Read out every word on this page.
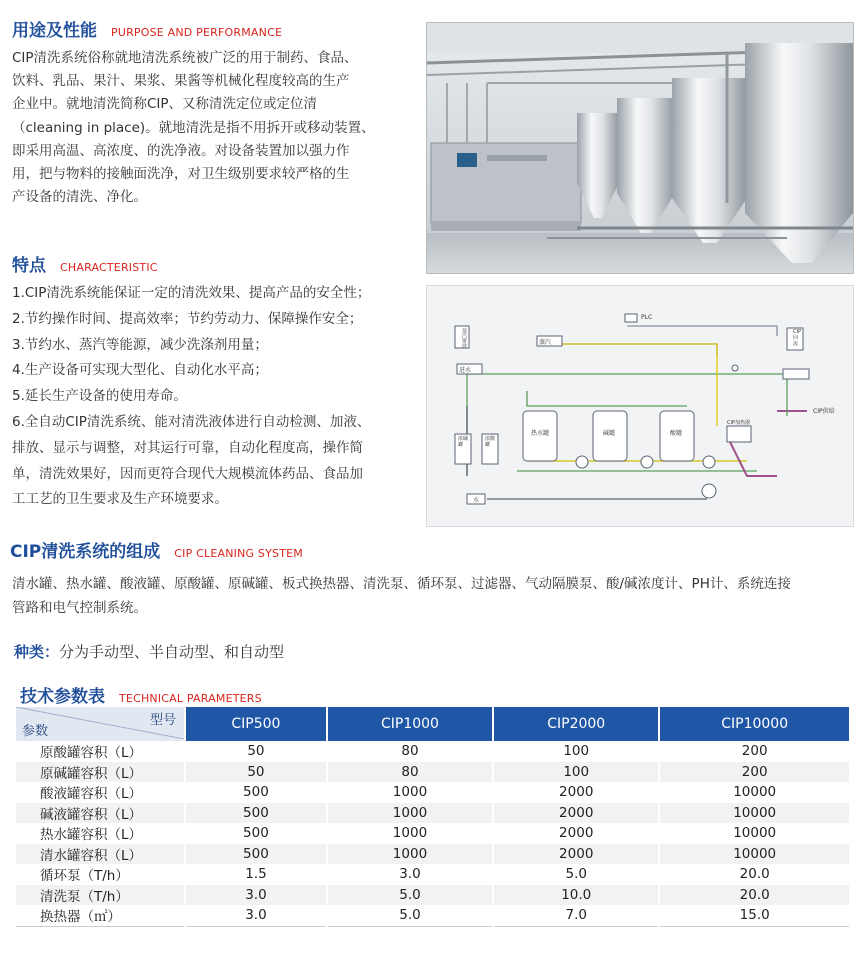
用途及性能 PURPOSE AND PERFORMANCE
CIP清洗系统俗称就地清洗系统被广泛的用于制药、食品、
饮料、乳品、果汁、果浆、果酱等机械化程度较高的生产
企业中。就地清洗简称CIP、又称清洗定位或定位清
（cleaning in place)。就地清洗是指不用拆开或移动装置、
即采用高温、高浓度、的洗净液。对设备装置加以强力作
用，把与物料的接触面洗净，对卫生级别要求较严格的生
产设备的清洗、净化。
特点 CHARACTERISTIC
1.CIP清洗系统能保证一定的清洗效果、提高产品的安全性；
2.节约操作时间、提高效率；节约劳动力、保障操作安全；
3.节约水、蒸汽等能源，减少洗涤剂用量；
4.生产设备可实现大型化、自动化水平高；
5.延长生产设备的使用寿命。
6.全自动CIP清洗系统、能对清洗液体进行自动检测、加液、
排放、显示与调整，对其运行可靠，自动化程度高，操作简
单，清洗效果好，因而更符合现代大规模流体药品、食品加
工工艺的卫生要求及生产环境要求。
PLC
蒸汽
蒸汽排放
进水
CIP回流
CIP供给
热水罐	碱罐	酸罐
浓碱罐
浓酸罐
CIP加热器
水
CIP清洗系统的组成 CIP CLEANING SYSTEM
清水罐、热水罐、酸液罐、原酸罐、原碱罐、板式换热器、清洗泵、循环泵、过滤器、气动隔膜泵、酸/碱浓度计、PH计、系统连接
管路和电气控制系统。
种类：分为手动型、半自动型、和自动型
技术参数表 TECHNICAL PARAMETERS
型号
参数	CIP500	CIP1000	CIP2000	CIP10000
原酸罐容积（L）	50	80	100	200
原碱罐容积（L）	50	80	100	200
酸液罐容积（L）	500	1000	2000	10000
碱液罐容积（L）	500	1000	2000	10000
热水罐容积（L）	500	1000	2000	10000
清水罐容积（L）	500	1000	2000	10000
循环泵（T/h）	1.5	3.0	5.0	20.0
清洗泵（T/h）	3.0	5.0	10.0	20.0
换热器（㎡）	3.0	5.0	7.0	15.0
